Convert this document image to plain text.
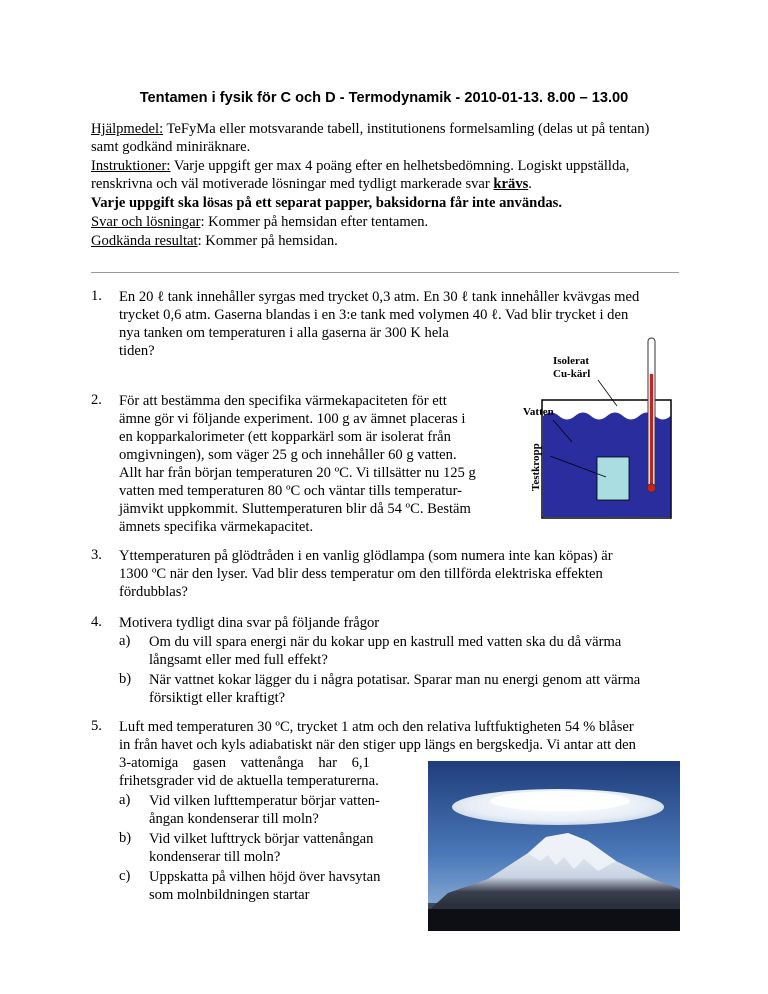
Tentamen i fysik för C och D - Termodynamik - 2010-01-13. 8.00 – 13.00
Hjälpmedel: TeFyMa eller motsvarande tabell, institutionens formelsamling (delas ut på tentan) samt godkänd miniräknare.
Instruktioner: Varje uppgift ger max 4 poäng efter en helhetsbedömning. Logiskt uppställda, renskrivna och väl motiverade lösningar med tydligt markerade svar krävs.
Varje uppgift ska lösas på ett separat papper, baksidorna får inte användas.
Svar och lösningar: Kommer på hemsidan efter tentamen.
Godkända resultat: Kommer på hemsidan.
1. En 20 ℓ tank innehåller syrgas med trycket 0,3 atm. En 30 ℓ tank innehåller kvävgas med
trycket 0,6 atm. Gaserna blandas i en 3:e tank med volymen 40 ℓ. Vad blir trycket i den
nya tanken om temperaturen i alla gaserna är 300 K hela
tiden?
2. För att bestämma den specifika värmekapaciteten för ett
ämne gör vi följande experiment. 100 g av ämnet placeras i
en kopparkalorimeter (ett kopparkärl som är isolerat från
omgivningen), som väger 25 g och innehåller 60 g vatten.
Allt har från början temperaturen 20 ºC. Vi tillsätter nu 125 g
vatten med temperaturen 80 ºC och väntar tills temperatur-
jämvikt uppkommit. Sluttemperaturen blir då 54 ºC. Bestäm
ämnets specifika värmekapacitet.
Isolerat
Cu-kärl
Vatten
Testkropp
3. Yttemperaturen på glödtråden i en vanlig glödlampa (som numera inte kan köpas) är
1300 ºC när den lyser. Vad blir dess temperatur om den tillförda elektriska effekten
fördubblas?
4. Motivera tydligt dina svar på följande frågor
a) Om du vill spara energi när du kokar upp en kastrull med vatten ska du då värma
långsamt eller med full effekt?
b) När vattnet kokar lägger du i några potatisar. Sparar man nu energi genom att värma
försiktigt eller kraftigt?
5. Luft med temperaturen 30 ºC, trycket 1 atm och den relativa luftfuktigheten 54 % blåser
in från havet och kyls adiabatiskt när den stiger upp längs en bergskedja. Vi antar att den
3-atomiga    gasen    vattenånga    har    6,1
frihetsgrader vid de aktuella temperaturerna.
a) Vid vilken lufttemperatur börjar vatten-
ångan kondenserar till moln?
b) Vid vilket lufttryck börjar vattenångan
kondenserar till moln?
c) Uppskatta på vilhen höjd över havsytan
som molnbildningen startar
